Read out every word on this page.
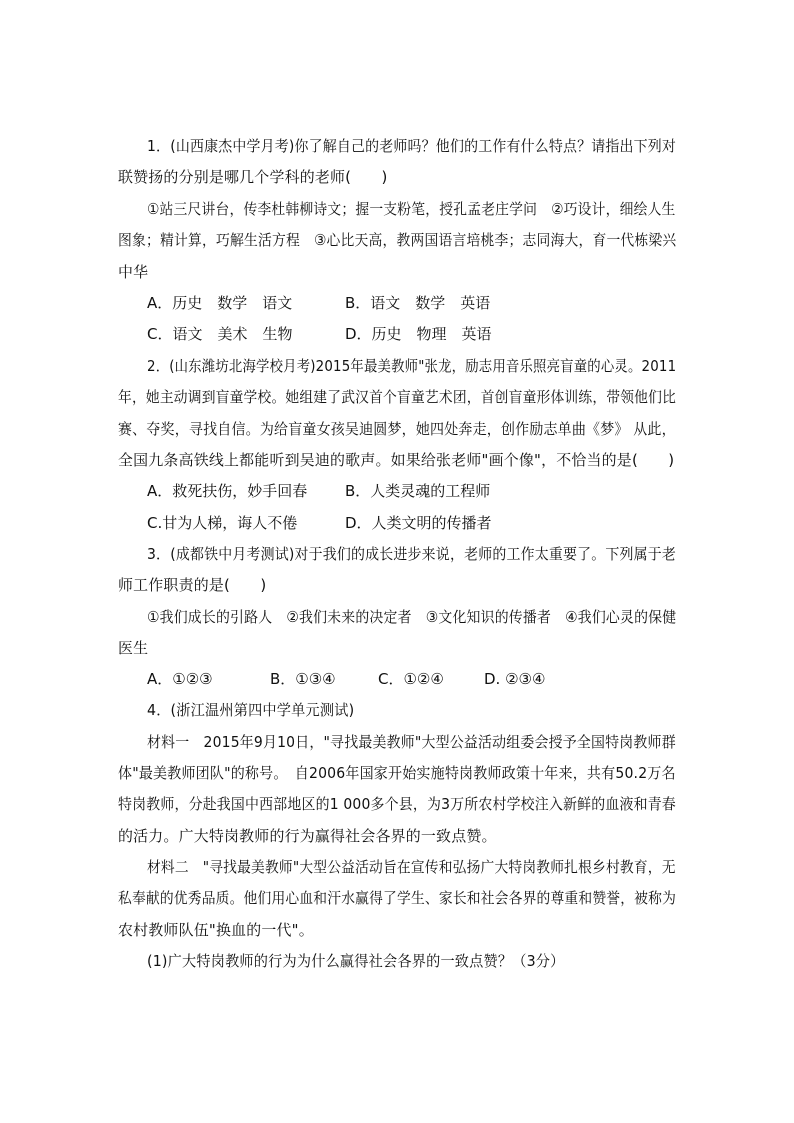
1．(山西康杰中学月考)你了解自己的老师吗？他们的工作有什么特点？请指出下列对
联赞扬的分别是哪几个学科的老师(　　)
①站三尺讲台，传李杜韩柳诗文；握一支粉笔，授孔孟老庄学问　②巧设计，细绘人生
图象；精计算，巧解生活方程　③心比天高，教两国语言培桃李；志同海大，育一代栋梁兴
中华
A．历史　数学　语文	B．语文　数学　英语
C．语文　美术　生物	D．历史　物理　英语
2．(山东潍坊北海学校月考)2015年最美教师"张龙，励志用音乐照亮盲童的心灵。2011
年，她主动调到盲童学校。她组建了武汉首个盲童艺术团，首创盲童形体训练，带领他们比
赛、夺奖，寻找自信。为给盲童女孩吴迪圆梦，她四处奔走，创作励志单曲《梦》 从此，
全国九条高铁线上都能听到吴迪的歌声。如果给张老师"画个像"，不恰当的是(　　)
A．救死扶伤，妙手回春	B．人类灵魂的工程师
C.甘为人梯，诲人不倦	D．人类文明的传播者
3．(成都铁中月考测试)对于我们的成长进步来说，老师的工作太重要了。下列属于老
师工作职责的是(　　)
①我们成长的引路人　②我们未来的决定者　③文化知识的传播者　④我们心灵的保健
医生
A．①②③	B．①③④	C．①②④	D. ②③④
4．(浙江温州第四中学单元测试)
材料一　2015年9月10日，"寻找最美教师"大型公益活动组委会授予全国特岗教师群
体"最美教师团队"的称号。　自2006年国家开始实施特岗教师政策十年来，共有50.2万名
特岗教师，分赴我国中西部地区的1 000多个县，为3万所农村学校注入新鲜的血液和青春
的活力。广大特岗教师的行为赢得社会各界的一致点赞。
材料二　"寻找最美教师"大型公益活动旨在宣传和弘扬广大特岗教师扎根乡村教育，无
私奉献的优秀品质。他们用心血和汗水赢得了学生、家长和社会各界的尊重和赞誉，被称为
农村教师队伍"换血的一代"。
(1)广大特岗教师的行为为什么赢得社会各界的一致点赞？（3分）
